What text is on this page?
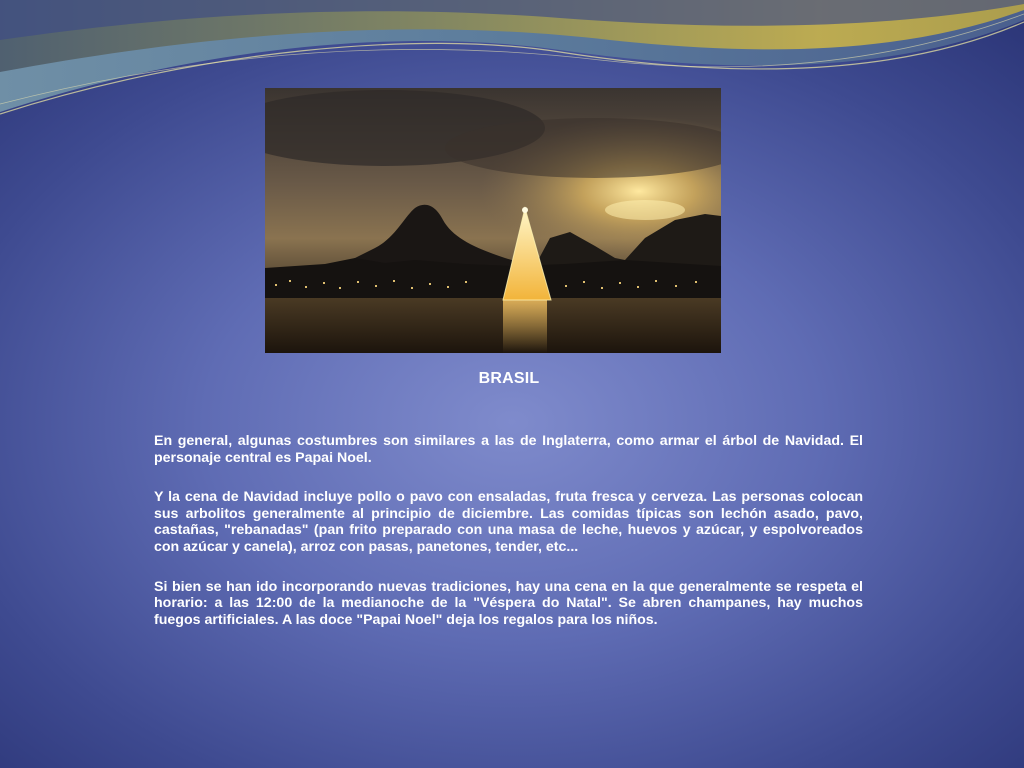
BRASIL

En general, algunas costumbres son similares a las de Inglaterra, como armar el árbol de Navidad. El personaje central es Papai Noel.

Y la cena de Navidad incluye pollo o pavo con ensaladas, fruta fresca y cerveza. Las personas colocan sus arbolitos generalmente al principio de diciembre. Las comidas típicas son lechón asado, pavo, castañas, "rebanadas" (pan frito preparado con una masa de leche, huevos y azúcar, y espolvoreados con azúcar y canela), arroz con pasas, panetones, tender, etc...

Si bien se han ido incorporando nuevas tradiciones, hay una cena en la que generalmente se respeta el horario: a las 12:00 de la medianoche de la "Véspera do Natal". Se abren champanes, hay muchos fuegos artificiales. A las doce "Papai Noel" deja los regalos para los niños.
